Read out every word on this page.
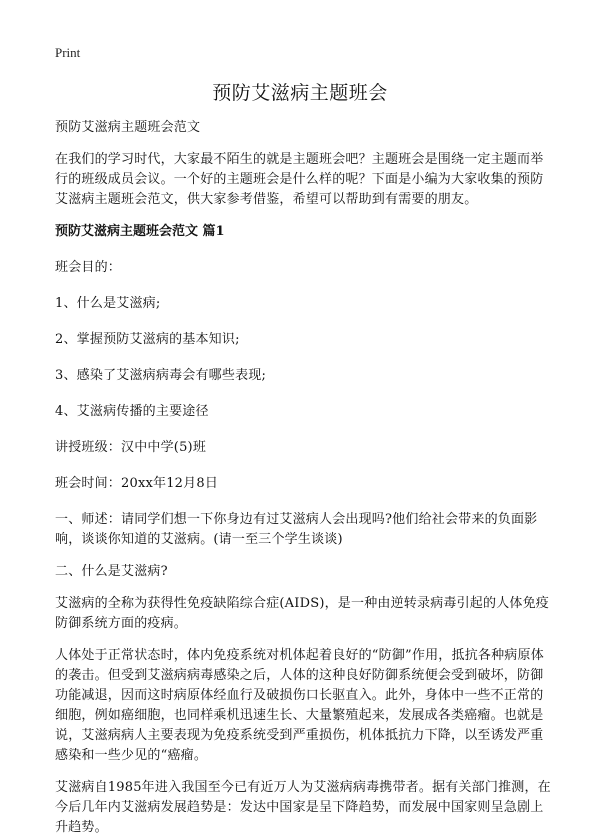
Print
预防艾滋病主题班会

预防艾滋病主题班会范文

在我们的学习时代，大家最不陌生的就是主题班会吧？主题班会是围绕一定主题而举行的班级成员会议。一个好的主题班会是什么样的呢？下面是小编为大家收集的预防艾滋病主题班会范文，供大家参考借鉴，希望可以帮助到有需要的朋友。

预防艾滋病主题班会范文 篇1

班会目的：

1、什么是艾滋病;

2、掌握预防艾滋病的基本知识;

3、感染了艾滋病病毒会有哪些表现;

4、艾滋病传播的主要途径

讲授班级：汉中中学(5)班

班会时间：20xx年12月8日

一、师述：请同学们想一下你身边有过艾滋病人会出现吗?他们给社会带来的负面影响，谈谈你知道的艾滋病。(请一至三个学生谈谈)

二、什么是艾滋病?

艾滋病的全称为获得性免疫缺陷综合症(AIDS)，是一种由逆转录病毒引起的人体免疫防御系统方面的疫病。

人体处于正常状态时，体内免疫系统对机体起着良好的“防御”作用，抵抗各种病原体的袭击。但受到艾滋病病毒感染之后，人体的这种良好防御系统便会受到破坏，防御功能减退，因而这时病原体经血行及破损伤口长驱直入。此外，身体中一些不正常的细胞，例如癌细胞，也同样乘机迅速生长、大量繁殖起来，发展成各类癌瘤。也就是说，艾滋病病人主要表现为免疫系统受到严重损伤，机体抵抗力下降，以至诱发严重感染和一些少见的“癌瘤。

艾滋病自1985年进入我国至今已有近万人为艾滋病病毒携带者。据有关部门推测，在今后几年内艾滋病发展趋势是：发达中国家是呈下降趋势，而发展中国家则呈急剧上升趋势。
